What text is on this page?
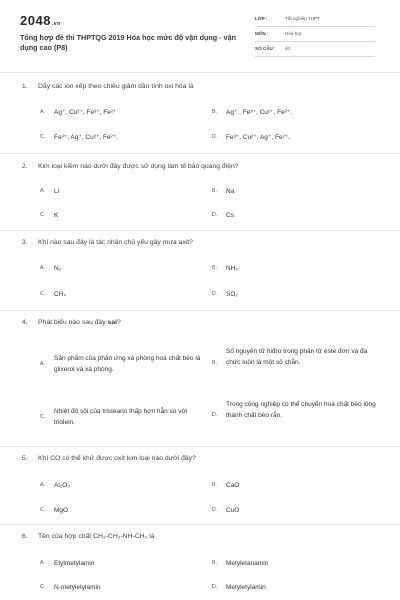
2048.vn
Tổng hợp đề thi THPTQG 2019 Hóa học mức độ vận dụng - vận dụng cao (P8)
LỚP :	Tốt nghiệp THPT
MÔN :	Hóa học
SỐ CÂU : 40
1. Dãy các ion xếp theo chiều giảm dần tính oxi hóa là
A. Ag⁺, Cu²⁺, Fe³⁺, Fe²⁺	B. Ag⁺ , Fe³⁺, Cu²⁺, Fe²⁺.
C. Fe³⁺, Ag⁺, Cu²⁺, Fe²⁺.	D. Fe³⁺, Cu²⁺, Ag⁺, Fe²⁺.
2. Kim loại kiềm nào dưới đây được sử dụng làm tế bào quang điện?
A. Li	B. Na
C. K	D. Cs
3. Khí nào sau đây là tác nhân chủ yếu gây mưa axit?
A. N₂	B. NH₃
C. CH₄	D. SO₂
4. Phát biểu nào sau đây sai?
A.
Sản phẩm của phản ứng xà phòng hoá chất béo là glixerol và xà phòng.
B.
Số nguyên tử hiđro trong phân tử este đơn và đa chức luôn là một số chẵn.
C.
Nhiệt độ sôi của tristearin thấp hơn hẳn so với triolein.
D.
Trong công nghiệp có thể chuyển hoá chất béo lỏng thành chất béo rắn.
5. Khí CO có thể khử được oxit kim loại nào dưới đây?
A. Al₂O₃	B. CaO
C. MgO	D. CuO
6. Tên của hợp chất CH₃-CH₂-NH-CH₃ là
A. Etylmetylamin	B. Metyletanamin
C. N-metyletylamin	D. Metyletylamin
